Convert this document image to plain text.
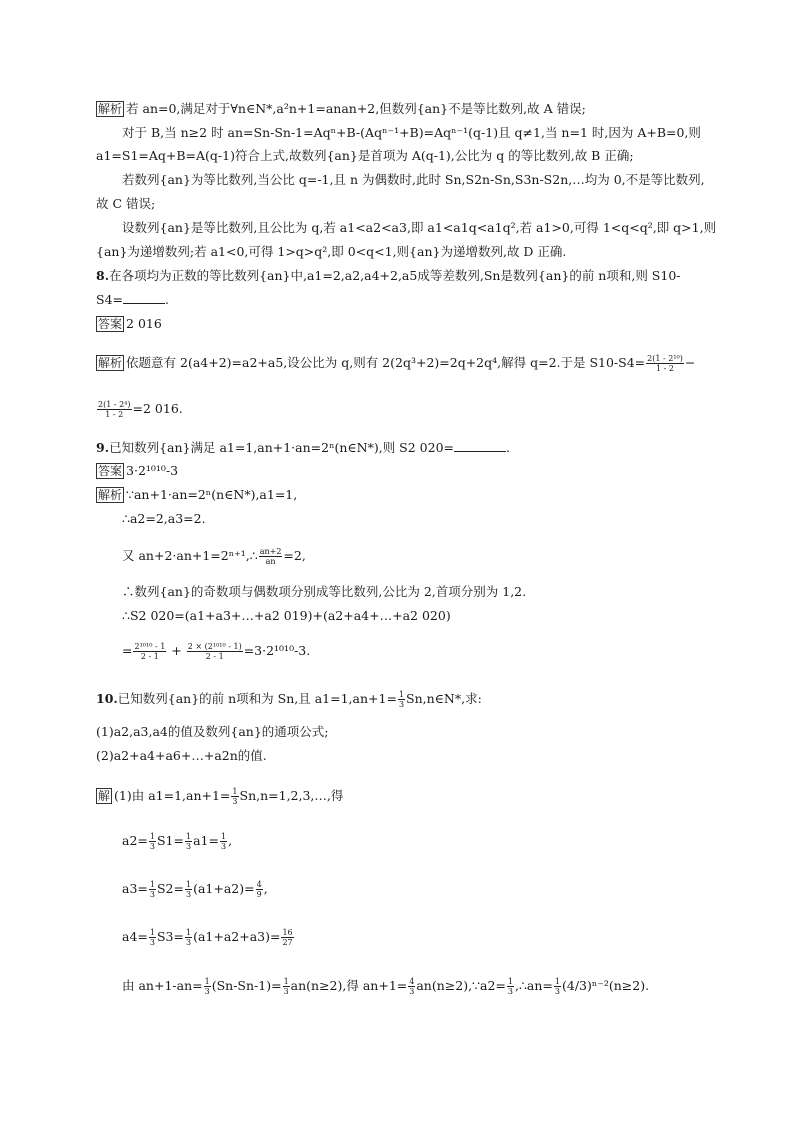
解析 若 an=0,满足对于∀n∈N*,a²n+1=anan+2,但数列{an}不是等比数列,故 A 错误;
对于 B,当 n≥2 时 an=Sn-Sn-1=Aqⁿ+B-(Aqⁿ⁻¹+B)=Aqⁿ⁻¹(q-1)且 q≠1,当 n=1 时,因为 A+B=0,则
a1=S1=Aq+B=A(q-1)符合上式,故数列{an}是首项为 A(q-1),公比为 q 的等比数列,故 B 正确;
若数列{an}为等比数列,当公比 q=-1,且 n 为偶数时,此时 Sn,S2n-Sn,S3n-S2n,…均为 0,不是等比数列,
故 C 错误;
设数列{an}是等比数列,且公比为 q,若 a1<a2<a3,即 a1<a1q<a1q²,若 a1>0,可得 1<q<q²,即 q>1,则
{an}为递增数列;若 a1<0,可得 1>q>q²,即 0<q<1,则{an}为递增数列,故 D 正确.
8.在各项均为正数的等比数列{an}中,a1=2,a2,a4+2,a5成等差数列,Sn是数列{an}的前 n项和,则 S10-
S4=	.
答案 2 016
解析 依题意有 2(a4+2)=a2+a5,设公比为 q,则有 2(2q³+2)=2q+2q⁴,解得 q=2.于是 $S10-S4= \frac{\text{2(1 - 2¹⁰)}}{1 - 2}$ −
$\frac{\text{2(1 - 2⁴)}}{1 - 2} =2$ 016.
9.已知数列{an}满足 a1=1,an+1·an=2ⁿ(n∈N*),则 S2 020=	.
答案 3·2¹⁰¹⁰-3
解析 ∵an+1·an=2ⁿ(n∈N*),a1=1,
∴a2=2,a3=2.
又 an+2·an+1=2ⁿ⁺¹,∴ $\frac{an+2}{an} =2$,
∴数列{an}的奇数项与偶数项分别成等比数列,公比为 2,首项分别为 1,2.
∴S2 020=(a1+a3+…+a2 019)+(a2+a4+…+a2 020)
= $\frac{\text{2¹⁰¹⁰ - 1}}{2 - 1} + \frac{\text{2 × (2¹⁰¹⁰ - 1)}}{2 - 1} =3\cdot 2^{1010}-3$.
10.已知数列{an}的前 n项和为 Sn,且 $a1=1,an+1= \frac{1}{3}$ Sn,n∈N*,求:
(1)a2,a3,a4的值及数列{an}的通项公式;
(2)a2+a4+a6+…+a2n的值.
解 (1)由 $a1=1,an+1= \frac{1}{3}$ Sn,n=1,2,3,…,得
$a2= \frac{1}{3} S1= \frac{1}{3} a1= \frac{1}{3}$ ,
$a3= \frac{1}{3} S2= \frac{1}{3} (a1+a2)= \frac{4}{9}$ ,
$a4= \frac{1}{3} S3= \frac{1}{3} (a1+a2+a3)= \frac{16}{27}$
由 $an+1-an= \frac{1}{3} (Sn-Sn-1)= \frac{1}{3} an(n\ge 2)$,得 $an+1= \frac{4}{3}$ an(n≥2),∵a2= $\frac{1}{3}$ ,∴an= $\frac{1}{3} (4/3)^{n-2}(n\ge 2)$.
